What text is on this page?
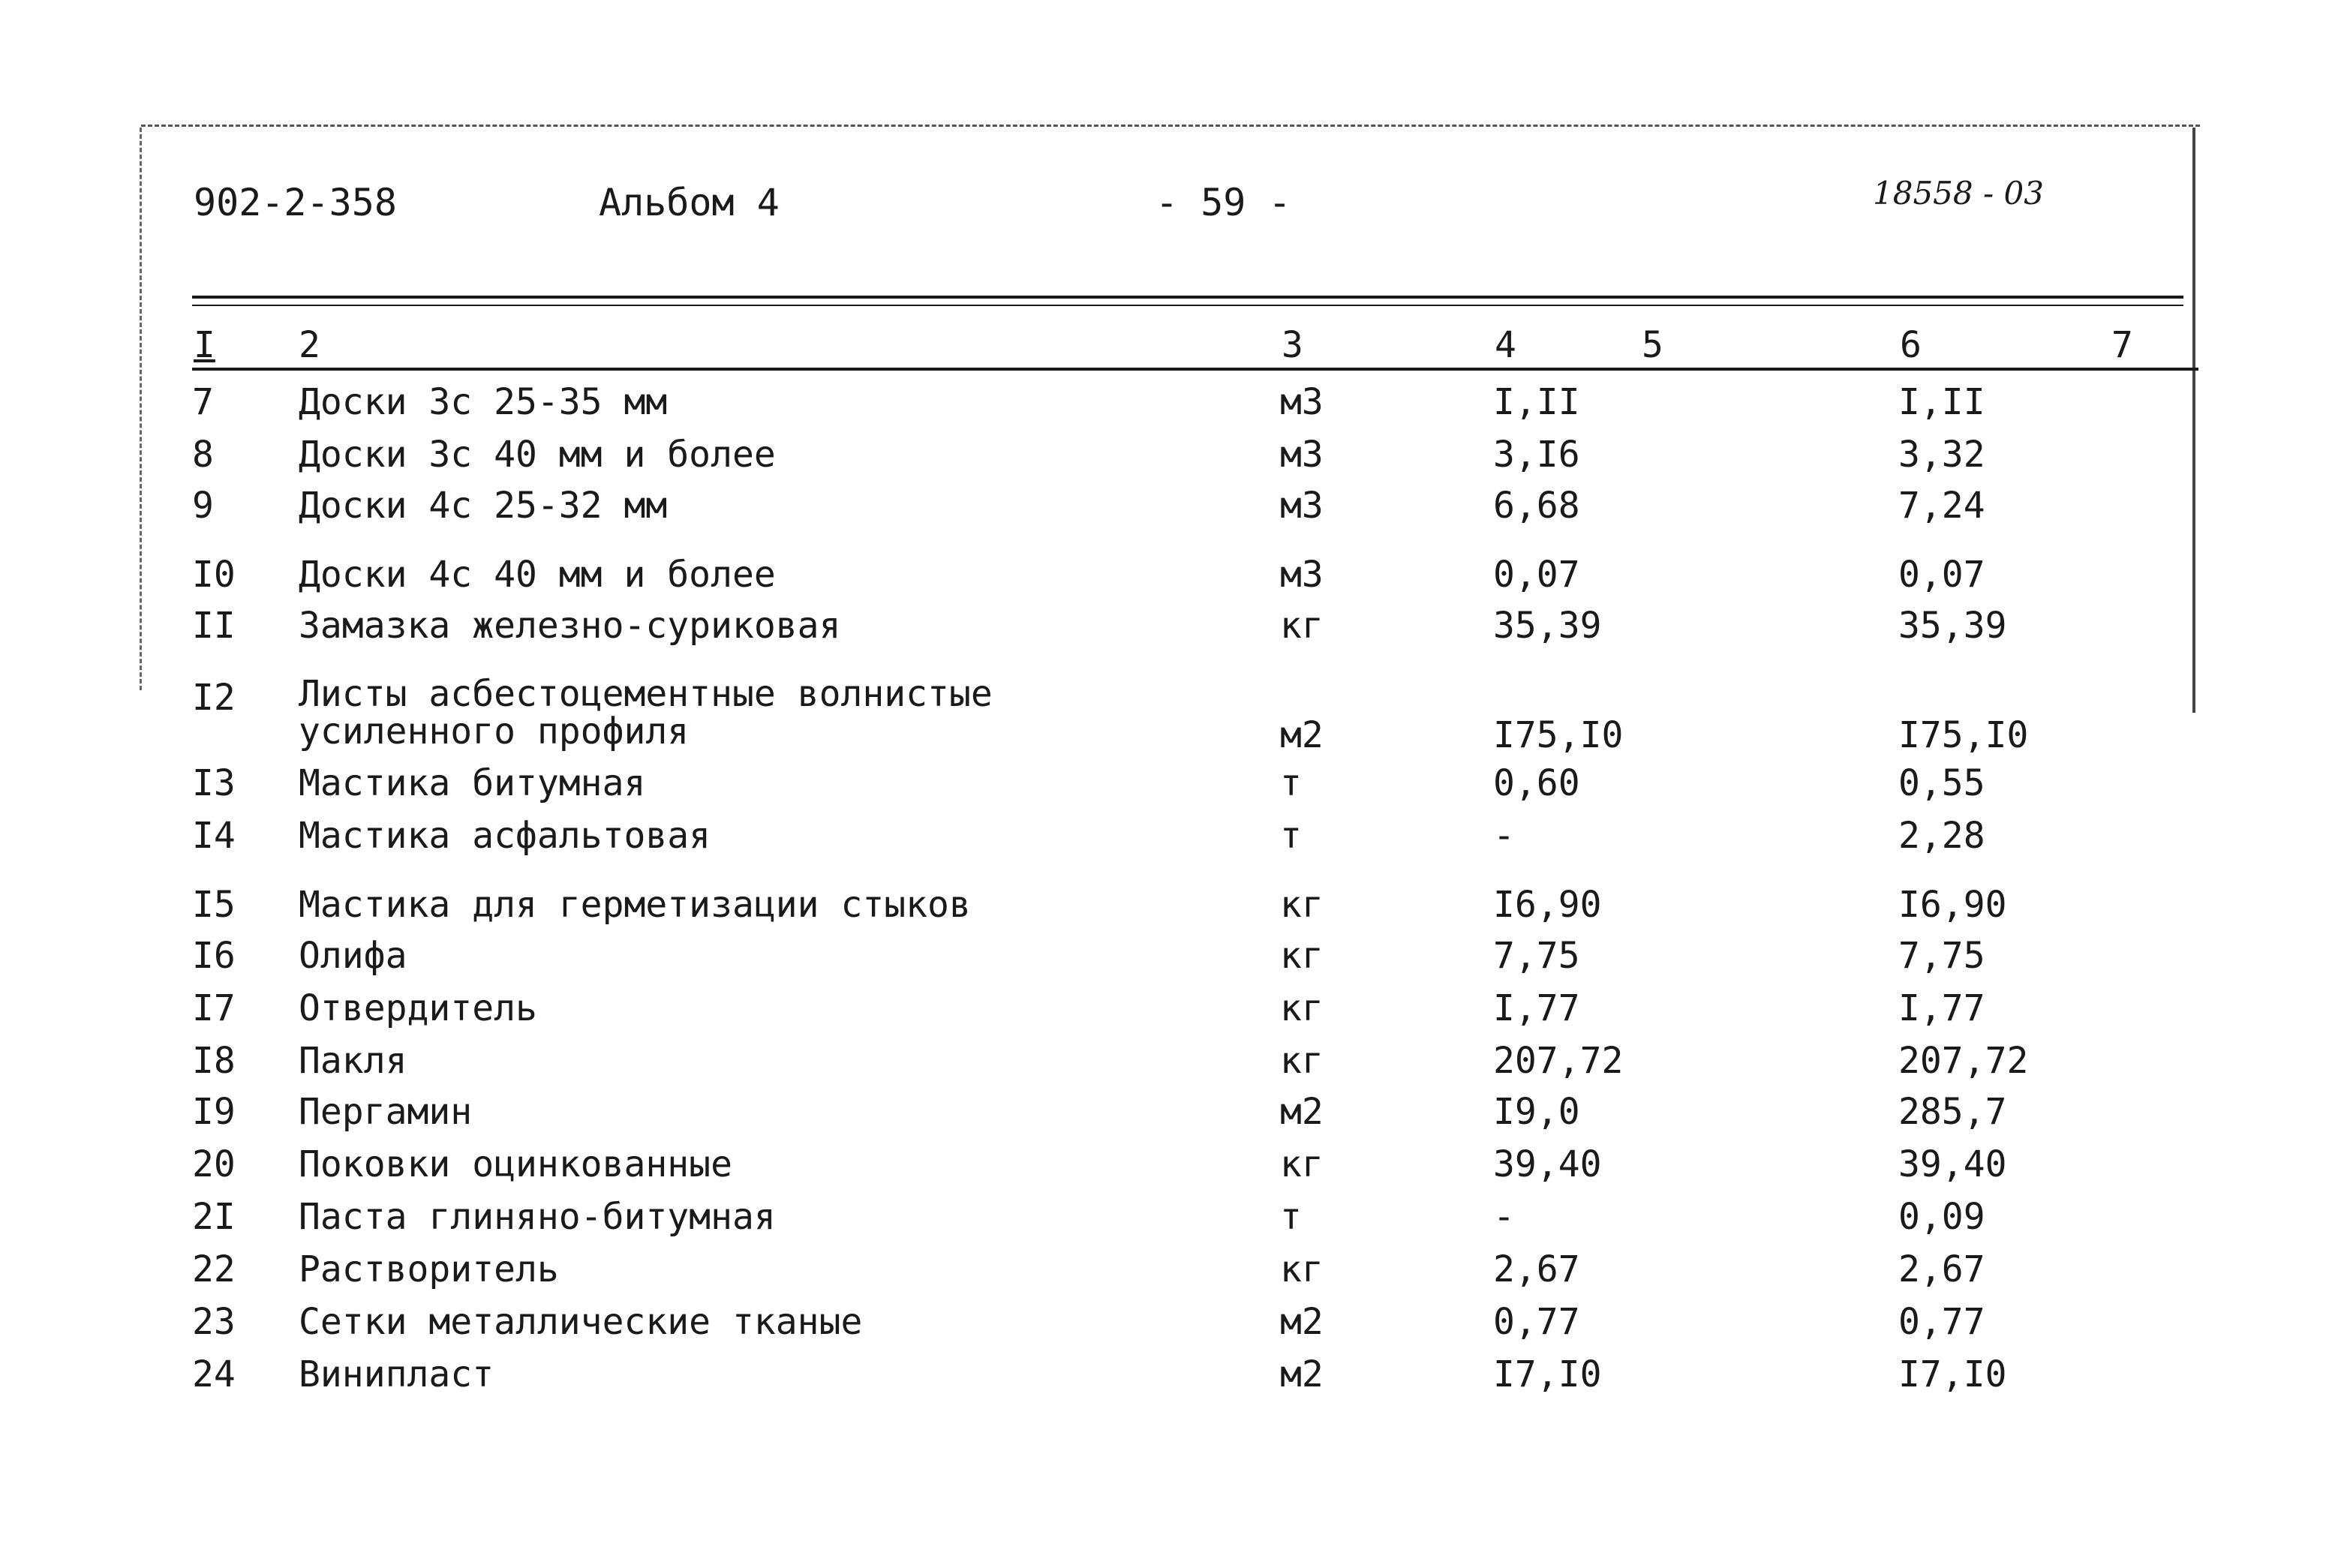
902-2-358	Альбом 4	- 59 -	18558 - 03
I 2	3	4	5	6	7
7 Доски 3с 25-35 мм	м3	I,II	I,II
8 Доски 3с 40 мм и более	м3	3,I6	3,32
9 Доски 4с 25-32 мм	м3	6,68	7,24
I0 Доски 4с 40 мм и более	м3	0,07	0,07
II Замазка железно-суриковая	кг	35,39	35,39
I2 Листы асбестоцементные волнистые
усиленного профиля	м2	I75,I0	I75,I0
I3 Мастика битумная	т	0,60	0,55
I4 Мастика асфальтовая	т	-	2,28
I5 Мастика для герметизации стыков	кг	I6,90	I6,90
I6 Олифа	кг	7,75	7,75
I7 Отвердитель	кг	I,77	I,77
I8 Пакля	кг	207,72	207,72
I9 Пергамин	м2	I9,0	285,7
20 Поковки оцинкованные	кг	39,40	39,40
2I Паста глиняно-битумная	т	-	0,09
22 Растворитель	кг	2,67	2,67
23 Сетки металлические тканые	м2	0,77	0,77
24 Винипласт	м2	I7,I0	I7,I0
